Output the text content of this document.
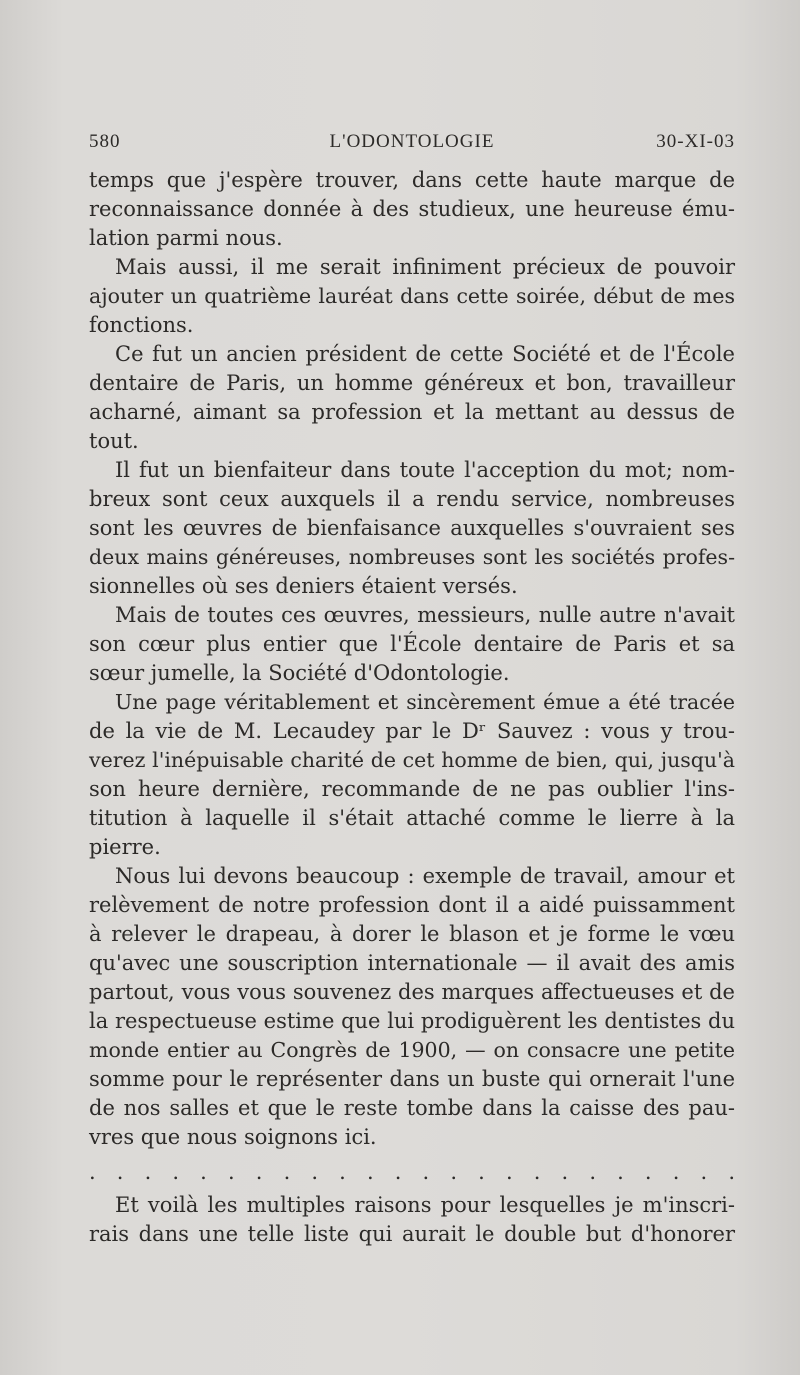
580	L'ODONTOLOGIE	30-XI-03
temps que j'espère trouver, dans cette haute marque de
reconnaissance donnée à des studieux, une heureuse ému-
lation parmi nous.
Mais aussi, il me serait infiniment précieux de pouvoir
ajouter un quatrième lauréat dans cette soirée, début de mes
fonctions.
Ce fut un ancien président de cette Société et de l'École
dentaire de Paris, un homme généreux et bon, travailleur
acharné, aimant sa profession et la mettant au dessus de
tout.
Il fut un bienfaiteur dans toute l'acception du mot; nom-
breux sont ceux auxquels il a rendu service, nombreuses
sont les œuvres de bienfaisance auxquelles s'ouvraient ses
deux mains généreuses, nombreuses sont les sociétés profes-
sionnelles où ses deniers étaient versés.
Mais de toutes ces œuvres, messieurs, nulle autre n'avait
son cœur plus entier que l'École dentaire de Paris et sa
sœur jumelle, la Société d'Odontologie.
Une page véritablement et sincèrement émue a été tracée
de la vie de M. Lecaudey par le Dʳ Sauvez : vous y trou-
verez l'inépuisable charité de cet homme de bien, qui, jusqu'à
son heure dernière, recommande de ne pas oublier l'ins-
titution à laquelle il s'était attaché comme le lierre à la
pierre.
Nous lui devons beaucoup : exemple de travail, amour et
relèvement de notre profession dont il a aidé puissamment
à relever le drapeau, à dorer le blason et je forme le vœu
qu'avec une souscription internationale — il avait des amis
partout, vous vous souvenez des marques affectueuses et de
la respectueuse estime que lui prodiguèrent les dentistes du
monde entier au Congrès de 1900, — on consacre une petite
somme pour le représenter dans un buste qui ornerait l'une
de nos salles et que le reste tombe dans la caisse des pau-
vres que nous soignons ici.
. . . . . . . . . . . . . . . . . . . . . . . .
Et voilà les multiples raisons pour lesquelles je m'inscri-
rais dans une telle liste qui aurait le double but d'honorer
